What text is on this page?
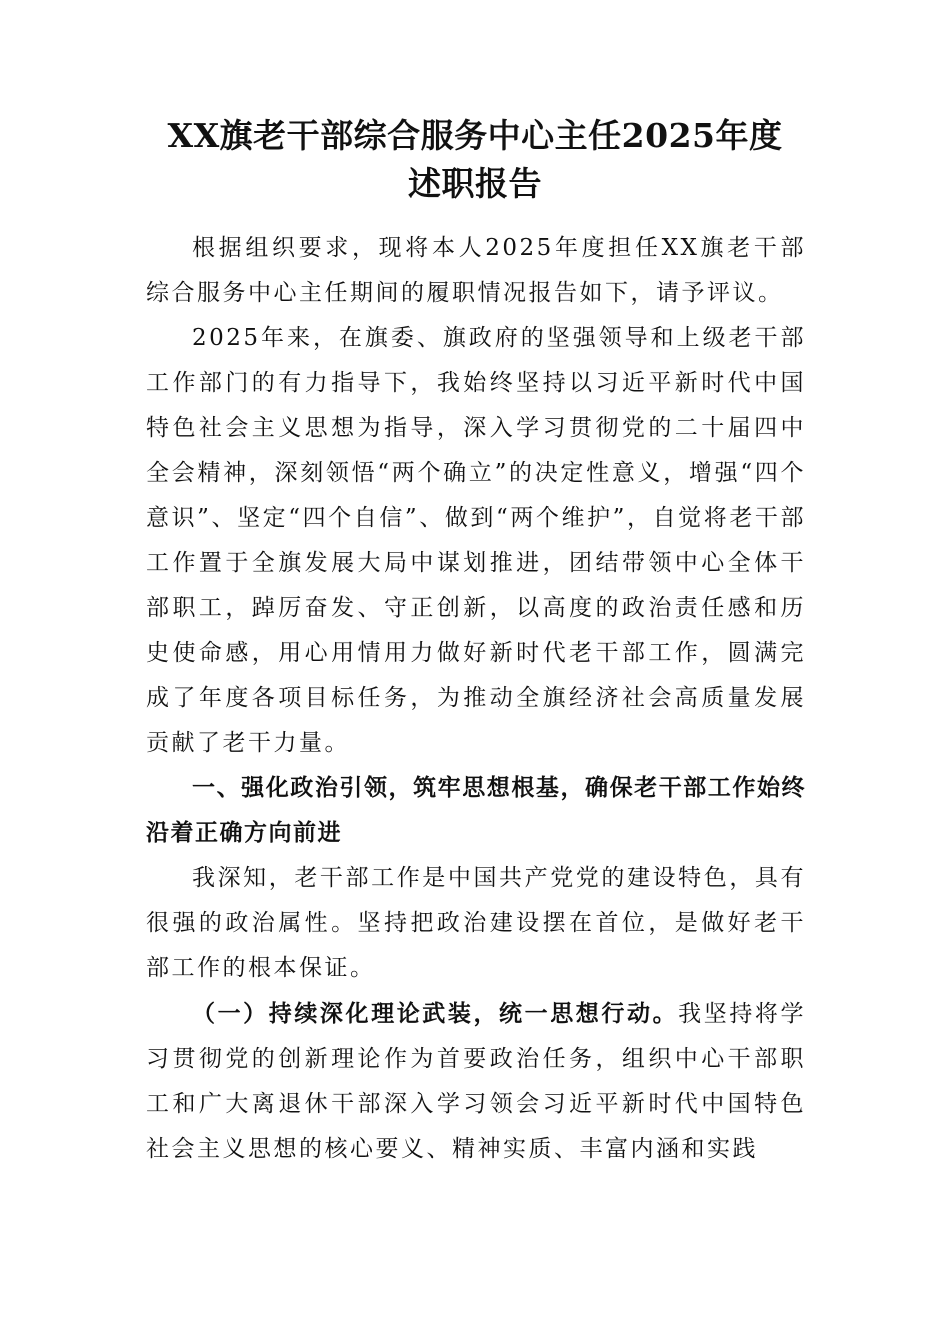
XX旗老干部综合服务中心主任2025年度
述职报告

根据组织要求，现将本人2025年度担任XX旗老干部综合服务中心主任期间的履职情况报告如下，请予评议。

2025年来，在旗委、旗政府的坚强领导和上级老干部工作部门的有力指导下，我始终坚持以习近平新时代中国特色社会主义思想为指导，深入学习贯彻党的二十届四中全会精神，深刻领悟“两个确立”的决定性意义，增强“四个意识”、坚定“四个自信”、做到“两个维护”，自觉将老干部工作置于全旗发展大局中谋划推进，团结带领中心全体干部职工，踔厉奋发、守正创新，以高度的政治责任感和历史使命感，用心用情用力做好新时代老干部工作，圆满完成了年度各项目标任务，为推动全旗经济社会高质量发展贡献了老干力量。

一、强化政治引领，筑牢思想根基，确保老干部工作始终沿着正确方向前进

我深知，老干部工作是中国共产党党的建设特色，具有很强的政治属性。坚持把政治建设摆在首位，是做好老干部工作的根本保证。

（一）持续深化理论武装，统一思想行动。我坚持将学习贯彻党的创新理论作为首要政治任务，组织中心干部职工和广大离退休干部深入学习领会习近平新时代中国特色社会主义思想的核心要义、精神实质、丰富内涵和实践
